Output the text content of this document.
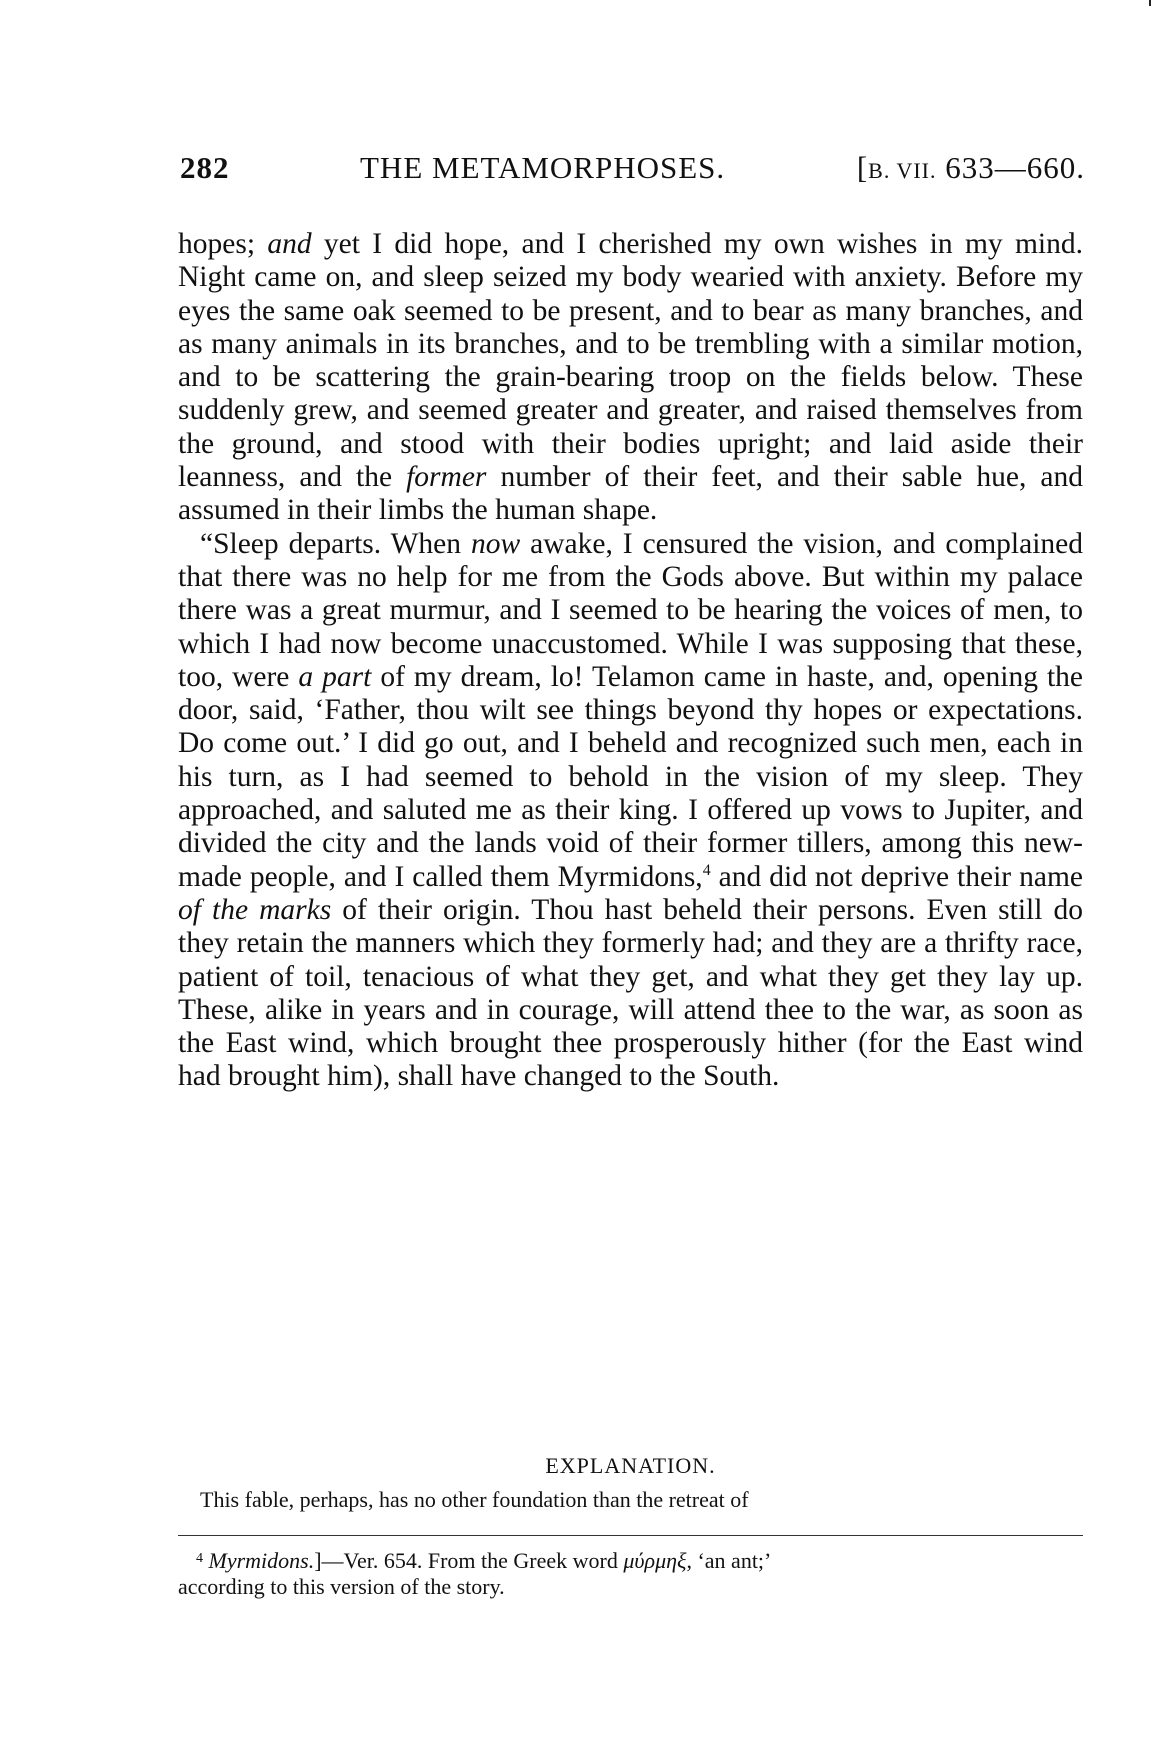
282	THE METAMORPHOSES.	[B. VII. 633—660.

hopes; and yet I did hope, and I cherished my own wishes in my mind. Night came on, and sleep seized my body wearied with anxiety. Before my eyes the same oak seemed to be present, and to bear as many branches, and as many animals in its branches, and to be trembling with a similar motion, and to be scattering the grain-bearing troop on the fields below. These suddenly grew, and seemed greater and greater, and raised themselves from the ground, and stood with their bodies upright; and laid aside their leanness, and the former number of their feet, and their sable hue, and assumed in their limbs the human shape.

“Sleep departs. When now awake, I censured the vision, and complained that there was no help for me from the Gods above. But within my palace there was a great murmur, and I seemed to be hearing the voices of men, to which I had now become unaccustomed. While I was supposing that these, too, were a part of my dream, lo! Telamon came in haste, and, opening the door, said, ‘Father, thou wilt see things beyond thy hopes or expectations. Do come out.’ I did go out, and I beheld and recognized such men, each in his turn, as I had seemed to behold in the vision of my sleep. They approached, and saluted me as their king. I offered up vows to Jupiter, and divided the city and the lands void of their former tillers, among this new-made people, and I called them Myrmidons,$^4$ and did not deprive their name of the marks of their origin. Thou hast beheld their persons. Even still do they retain the manners which they formerly had; and they are a thrifty race, patient of toil, tenacious of what they get, and what they get they lay up. These, alike in years and in courage, will attend thee to the war, as soon as the East wind, which brought thee prosperously hither (for the East wind had brought him), shall have changed to the South.

EXPLANATION.
This fable, perhaps, has no other foundation than the retreat of
$^4$ Myrmidons.]—Ver. 654. From the Greek word μύρμηξ, ‘an ant;’
according to this version of the story.
